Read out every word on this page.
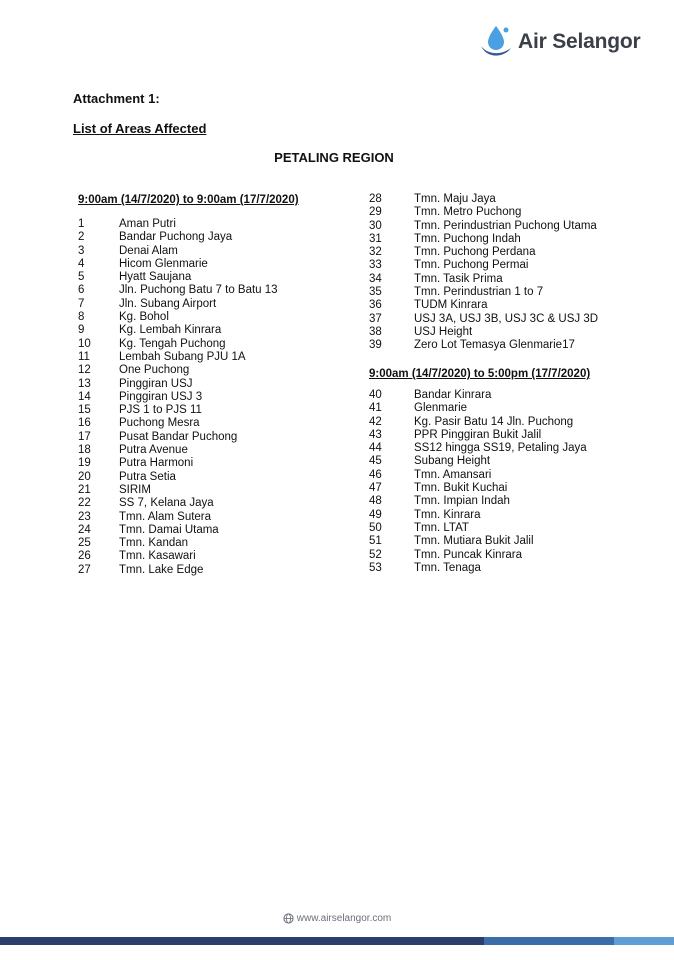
Air Selangor
Attachment 1:
List of Areas Affected
PETALING REGION
9:00am (14/7/2020) to 9:00am (17/7/2020)
9:00am (14/7/2020) to 5:00pm (17/7/2020)
1	Aman Putri
2	Bandar Puchong Jaya
3	Denai Alam
4	Hicom Glenmarie
5	Hyatt Saujana
6	Jln. Puchong Batu 7 to Batu 13
7	Jln. Subang Airport
8	Kg. Bohol
9	Kg. Lembah Kinrara
10	Kg. Tengah Puchong
11	Lembah Subang PJU 1A
12	One Puchong
13	Pinggiran USJ
14	Pinggiran USJ 3
15	PJS 1 to PJS 11
16	Puchong Mesra
17	Pusat Bandar Puchong
18	Putra Avenue
19	Putra Harmoni
20	Putra Setia
21	SIRIM
22	SS 7, Kelana Jaya
23	Tmn. Alam Sutera
24	Tmn. Damai Utama
25	Tmn. Kandan
26	Tmn. Kasawari
27	Tmn. Lake Edge
28	Tmn. Maju Jaya
29	Tmn. Metro Puchong
30	Tmn. Perindustrian Puchong Utama
31	Tmn. Puchong Indah
32	Tmn. Puchong Perdana
33	Tmn. Puchong Permai
34	Tmn. Tasik Prima
35	Tmn. Perindustrian 1 to 7
36	TUDM Kinrara
37	USJ 3A, USJ 3B, USJ 3C & USJ 3D
38	USJ Height
39	Zero Lot Temasya Glenmarie17
40	Bandar Kinrara
41	Glenmarie
42	Kg. Pasir Batu 14 Jln. Puchong
43	PPR Pinggiran Bukit Jalil
44	SS12 hingga SS19, Petaling Jaya
45	Subang Height
46	Tmn. Amansari
47	Tmn. Bukit Kuchai
48	Tmn. Impian Indah
49	Tmn. Kinrara
50	Tmn. LTAT
51	Tmn. Mutiara Bukit Jalil
52	Tmn. Puncak Kinrara
53	Tmn. Tenaga
www.airselangor.com
